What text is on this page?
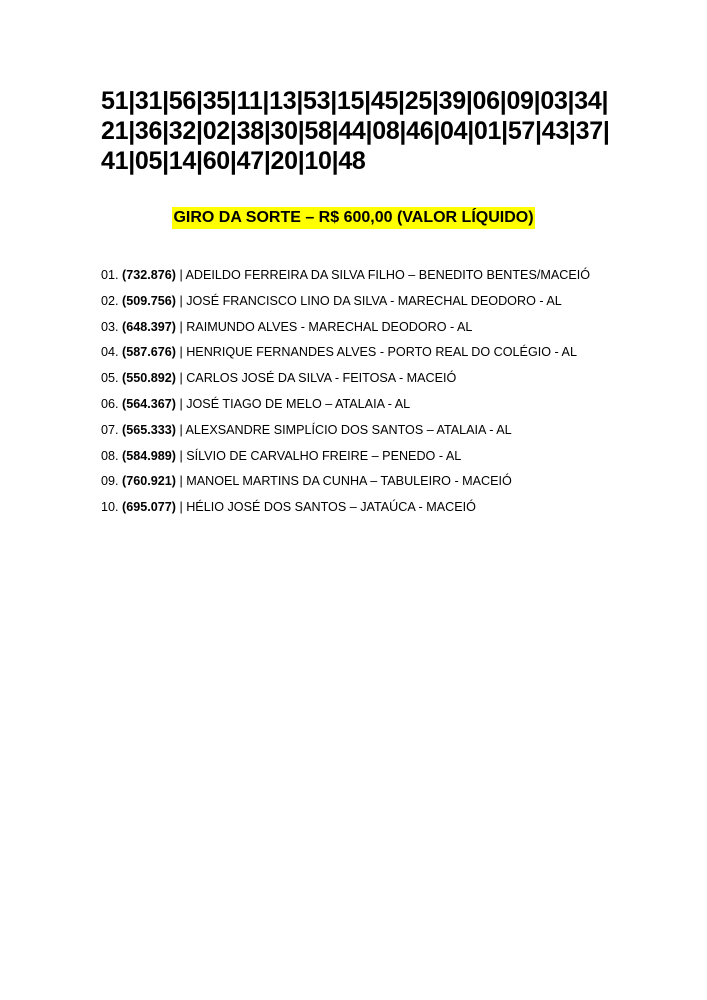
51|31|56|35|11|13|53|15|45|25|39|06|09|03|34|
21|36|32|02|38|30|58|44|08|46|04|01|57|43|37|
41|05|14|60|47|20|10|48
GIRO DA SORTE – R$ 600,00 (VALOR LÍQUIDO)
01. (732.876) | ADEILDO FERREIRA DA SILVA FILHO – BENEDITO BENTES/MACEIÓ
02. (509.756) | JOSÉ FRANCISCO LINO DA SILVA - MARECHAL DEODORO - AL
03. (648.397) | RAIMUNDO ALVES - MARECHAL DEODORO - AL
04. (587.676) | HENRIQUE FERNANDES ALVES - PORTO REAL DO COLÉGIO - AL
05. (550.892) | CARLOS JOSÉ DA SILVA - FEITOSA - MACEIÓ
06. (564.367) | JOSÉ TIAGO DE MELO – ATALAIA - AL
07. (565.333) | ALEXSANDRE SIMPLÍCIO DOS SANTOS – ATALAIA - AL
08. (584.989) | SÍLVIO DE CARVALHO FREIRE – PENEDO - AL
09. (760.921) | MANOEL MARTINS DA CUNHA – TABULEIRO - MACEIÓ
10. (695.077) | HÉLIO JOSÉ DOS SANTOS – JATAÚCA - MACEIÓ
